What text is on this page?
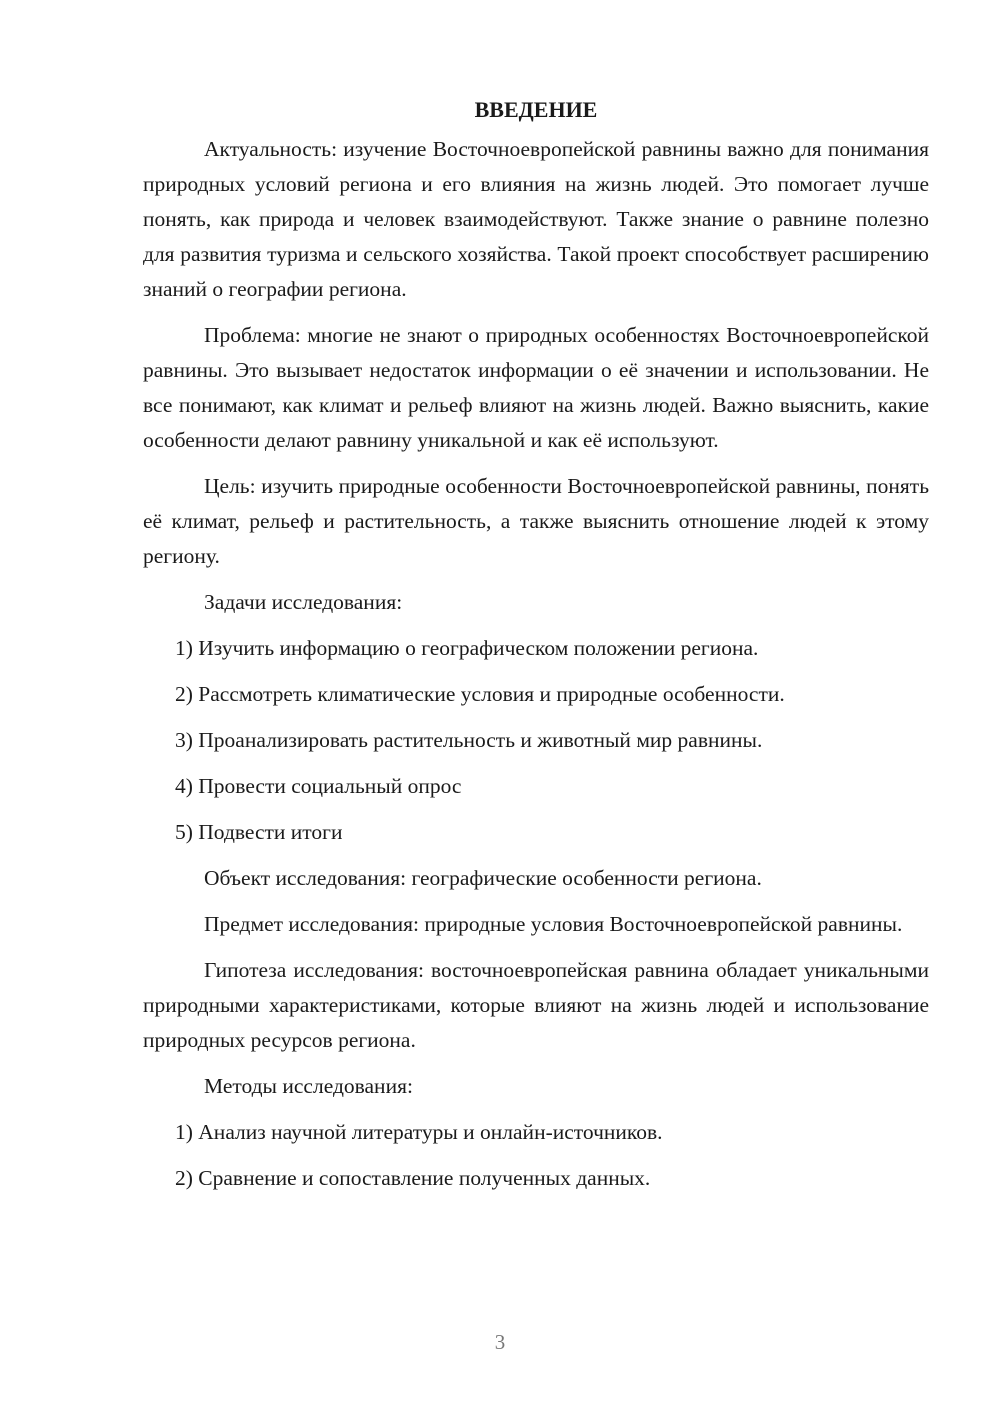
ВВЕДЕНИЕ

Актуальность: изучение Восточноевропейской равнины важно для понимания природных условий региона и его влияния на жизнь людей. Это помогает лучше понять, как природа и человек взаимодействуют. Также знание о равнине полезно для развития туризма и сельского хозяйства. Такой проект способствует расширению знаний о географии региона.

Проблема: многие не знают о природных особенностях Восточноевропейской равнины. Это вызывает недостаток информации о её значении и использовании. Не все понимают, как климат и рельеф влияют на жизнь людей. Важно выяснить, какие особенности делают равнину уникальной и как её используют.

Цель: изучить природные особенности Восточноевропейской равнины, понять её климат, рельеф и растительность, а также выяснить отношение людей к этому региону.

Задачи исследования:

1) Изучить информацию о географическом положении региона.
2) Рассмотреть климатические условия и природные особенности.
3) Проанализировать растительность и животный мир равнины.
4) Провести социальный опрос
5) Подвести итоги

Объект исследования: географические особенности региона.

Предмет исследования: природные условия Восточноевропейской равнины.

Гипотеза исследования: восточноевропейская равнина обладает уникальными природными характеристиками, которые влияют на жизнь людей и использование природных ресурсов региона.

Методы исследования:

1) Анализ научной литературы и онлайн-источников.
2) Сравнение и сопоставление полученных данных.
3
